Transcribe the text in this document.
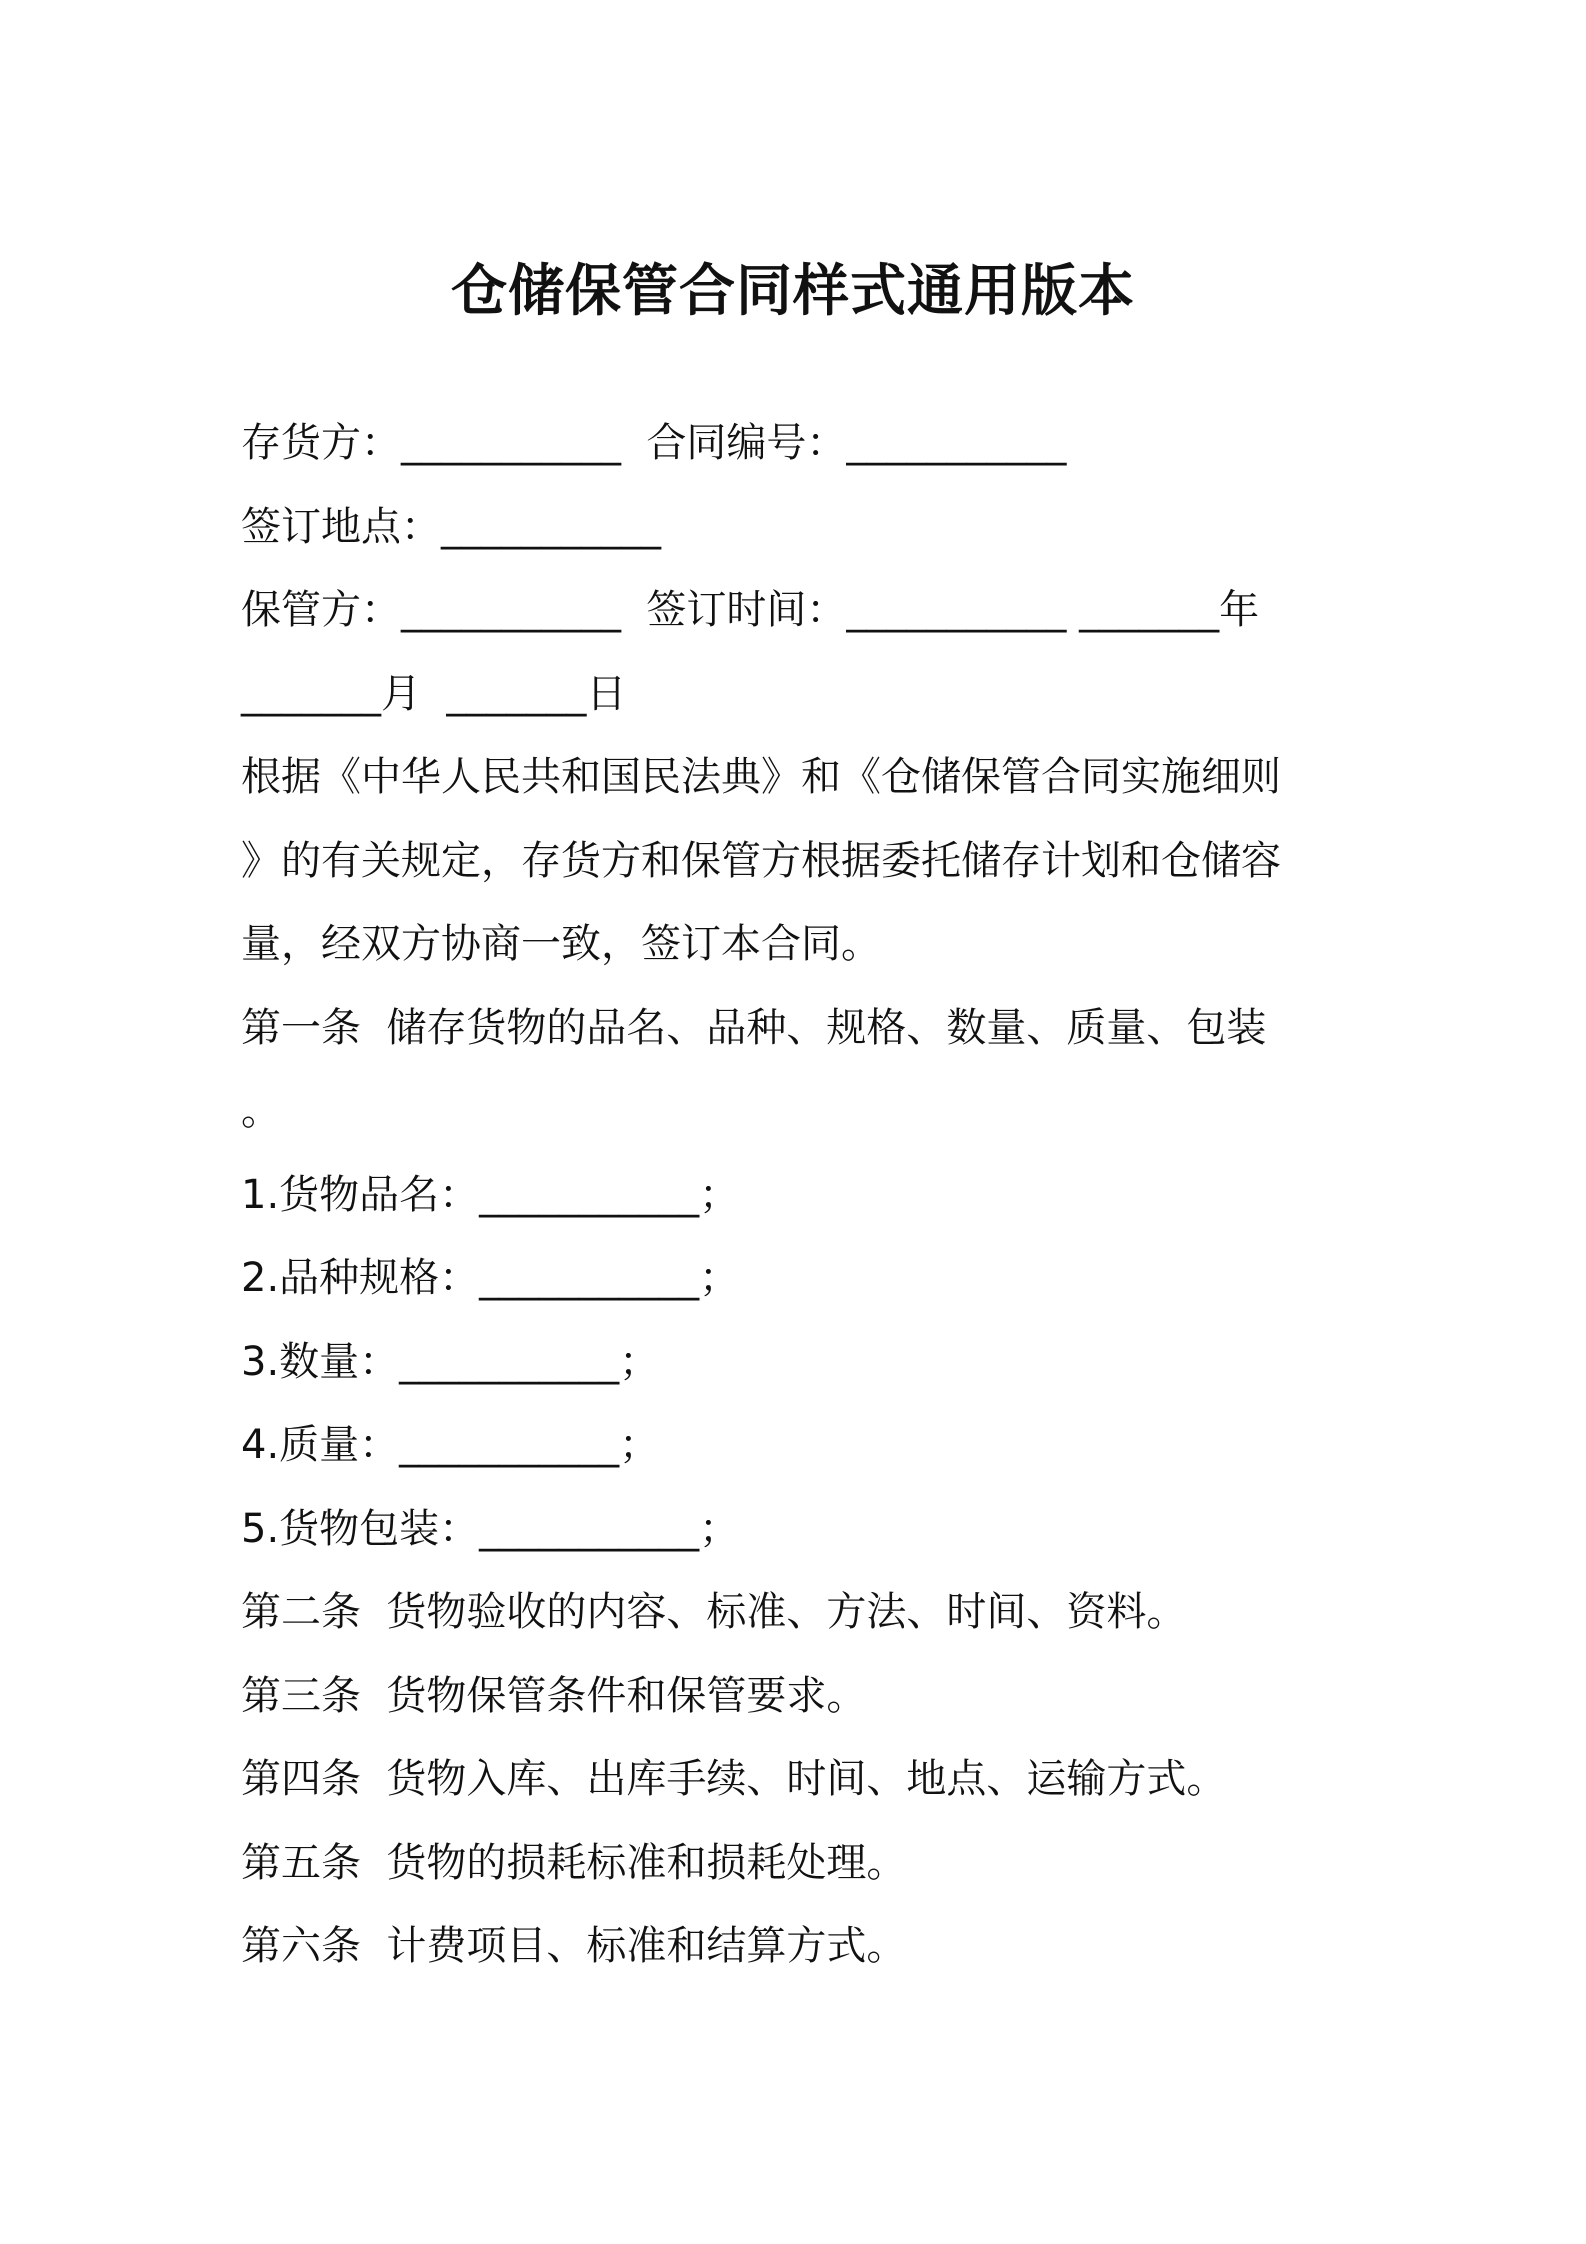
仓储保管合同样式通用版本

存货方：___________  合同编号：___________

签订地点：___________

保管方：___________  签订时间：___________ _______年

_______月  _______日

根据《中华人民共和国民法典》和《仓储保管合同实施细则

》的有关规定，存货方和保管方根据委托储存计划和仓储容

量，经双方协商一致，签订本合同。

第一条  储存货物的品名、品种、规格、数量、质量、包装

。

1.货物品名：___________；

2.品种规格：___________；

3.数量：___________；

4.质量：___________；

5.货物包装：___________；

第二条  货物验收的内容、标准、方法、时间、资料。

第三条  货物保管条件和保管要求。

第四条  货物入库、出库手续、时间、地点、运输方式。

第五条  货物的损耗标准和损耗处理。

第六条  计费项目、标准和结算方式。
